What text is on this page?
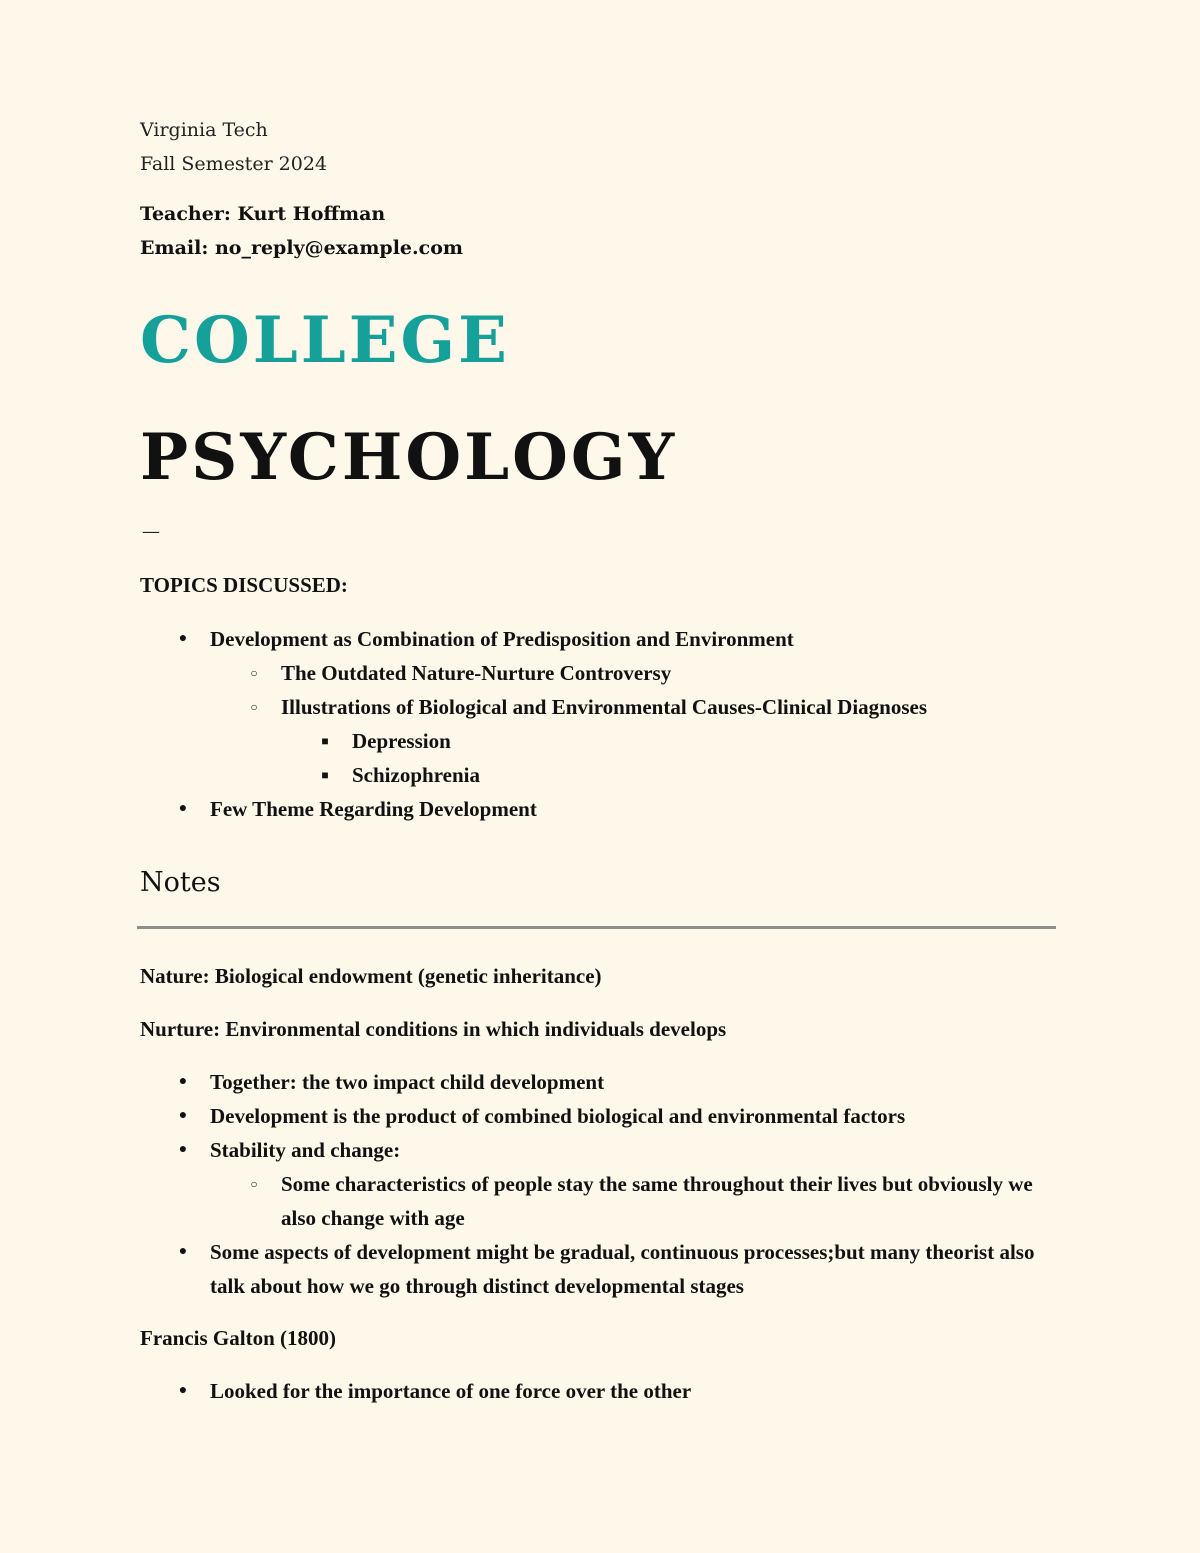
Virginia Tech

Fall Semester 2024

Teacher: Kurt Hoffman

Email: no_reply@example.com

COLLEGE
PSYCHOLOGY
—

TOPICS DISCUSSED:

● Development as Combination of Predisposition and Environment
○	The Outdated Nature-Nurture Controversy
○	Illustrations of Biological and Environmental Causes-Clinical Diagnoses
■	Depression
■	Schizophrenia
● Few Theme Regarding Development
Notes

Nature: Biological endowment (genetic inheritance)

Nurture: Environmental conditions in which individuals develops

● Together: the two impact child development
● Development is the product of combined biological and environmental factors
● Stability and change:
○	Some characteristics of people stay the same throughout their lives but obviously we also change with age
● Some aspects of development might be gradual, continuous processes;but many theorist also talk about how we go through distinct developmental stages

Francis Galton (1800)

● Looked for the importance of one force over the other
